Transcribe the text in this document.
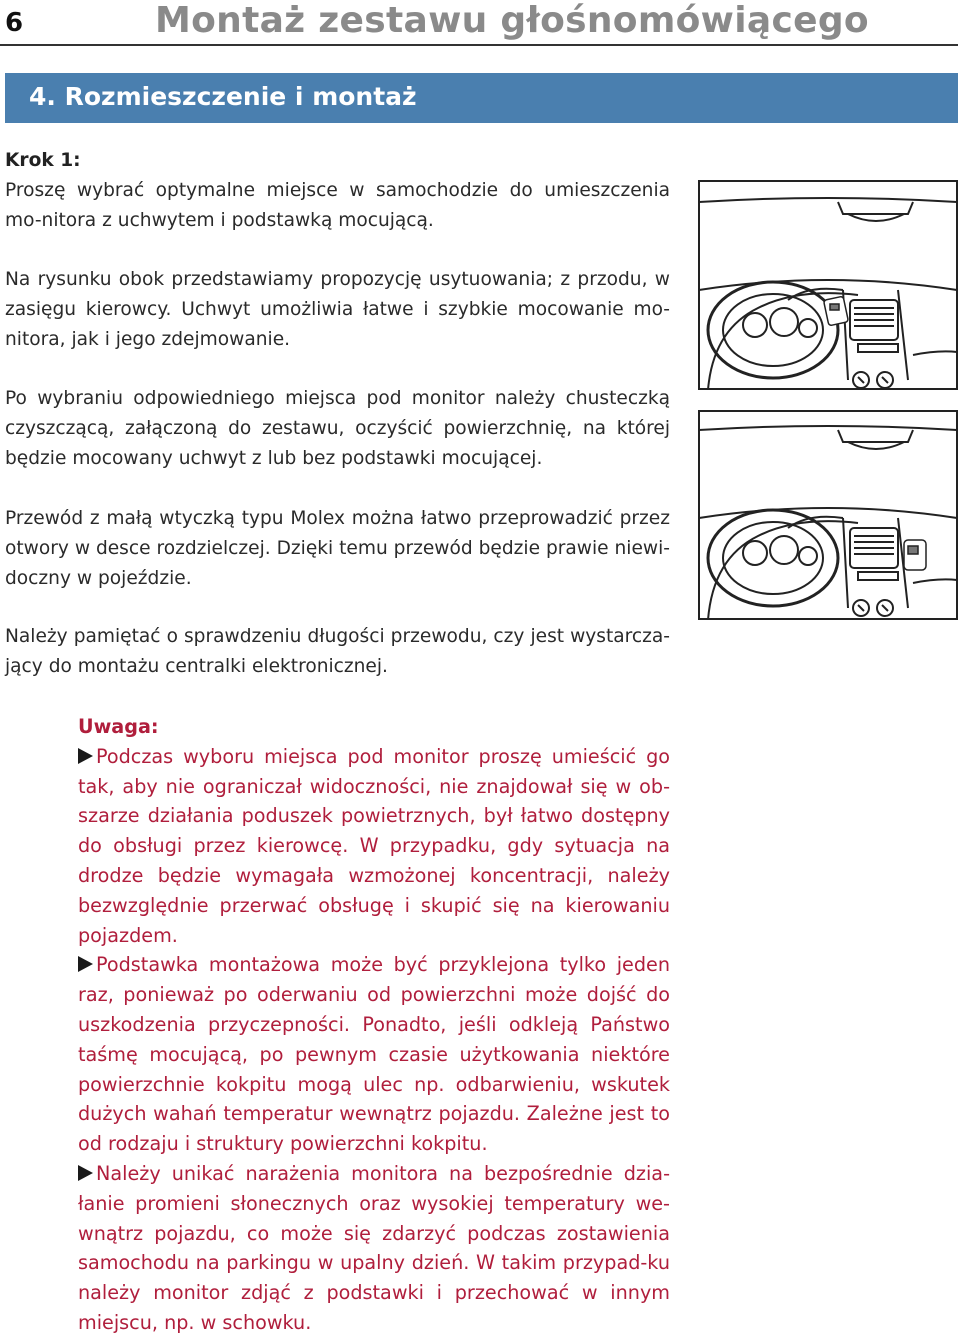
6	Montaż zestawu głośnomówiącego
4. Rozmieszczenie i montaż

Krok 1:
Proszę wybrać optymalne miejsce w samochodzie do umieszczenia mo-nitora z uchwytem i podstawką mocującą.

Na rysunku obok przedstawiamy propozycję usytuowania; z przodu, w zasięgu kierowcy. Uchwyt umożliwia łatwe i szybkie mocowanie mo-nitora, jak i jego zdejmowanie.

Po wybraniu odpowiedniego miejsca pod monitor należy chusteczką czyszczącą, załączoną do zestawu, oczyścić powierzchnię, na której będzie mocowany uchwyt z lub bez podstawki mocującej.

Przewód z małą wtyczką typu Molex można łatwo przeprowadzić przez otwory w desce rozdzielczej. Dzięki temu przewód będzie prawie niewi-doczny w pojeździe.

Należy pamiętać o sprawdzeniu długości przewodu, czy jest wystarcza-jący do montażu centralki elektronicznej.

Uwaga:

Podczas wyboru miejsca pod monitor proszę umieścić go tak, aby nie ograniczał widoczności, nie znajdował się w ob-szarze działania poduszek powietrznych, był łatwo dostępny do obsługi przez kierowcę. W przypadku, gdy sytuacja na drodze będzie wymagała wzmożonej koncentracji, należy bezwzględnie przerwać obsługę i skupić się na kierowaniu pojazdem.

Podstawka montażowa może być przyklejona tylko jeden raz, ponieważ po oderwaniu od powierzchni może dojść do uszkodzenia przyczepności. Ponadto, jeśli odkleją Państwo taśmę mocującą, po pewnym czasie użytkowania niektóre powierzchnie kokpitu mogą ulec np. odbarwieniu, wskutek dużych wahań temperatur wewnątrz pojazdu. Zależne jest to od rodzaju i struktury powierzchni kokpitu.

Należy unikać narażenia monitora na bezpośrednie dzia-łanie promieni słonecznych oraz wysokiej temperatury we-wnątrz pojazdu, co może się zdarzyć podczas zostawienia samochodu na parkingu w upalny dzień. W takim przypad-ku należy monitor zdjąć z podstawki i przechować w innym miejscu, np. w schowku.
